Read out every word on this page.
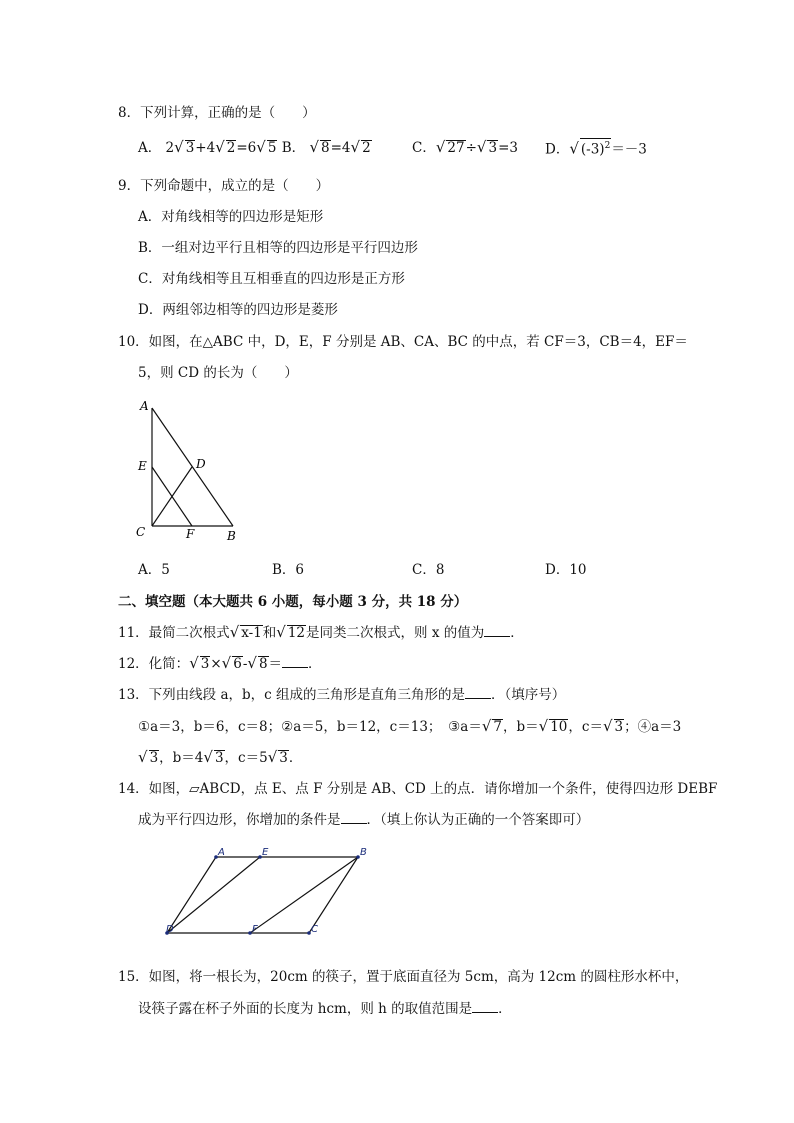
8．下列计算，正确的是（　　）
A． 2√ 3+4√ 2=6√ 5 B． √ 8=4√ 2	C．√ 27÷√ 3=3 D．√ $(-3)^2=-3$
9．下列命题中，成立的是（　　）
A．对角线相等的四边形是矩形
B．一组对边平行且相等的四边形是平行四边形
C．对角线相等且互相垂直的四边形是正方形
D．两组邻边相等的四边形是菱形
10．如图，在△ABC 中，D，E，F 分别是 AB、CA、BC 的中点，若 CF＝3，CB＝4，EF＝
5，则 CD 的长为（　　）
A
E	D
C	F	B
A．5	B．6	C．8	D．10
二、填空题（本大题共 6 小题，每小题 3 分，共 18 分）
11．最简二次根式√ x-1和√ 12是同类二次根式，则 x 的值为 ．
12．化简：√ 3×√ 6-√ 8＝ ．
13．下列由线段 a，b，c 组成的三角形是直角三角形的是 ．（填序号）
①a＝3，b＝6，c＝8；②a＝5，b＝12，c＝13；　③a＝√ 7，b＝√ 10，c＝√ 3；④a＝3
√ 3，b＝4√ 3，c＝5√ 3．
14．如图，▱ABCD，点 E、点 F 分别是 AB、CD 上的点．请你增加一个条件，使得四边形 DEBF
成为平行四边形，你增加的条件是 ．（填上你认为正确的一个答案即可）
A	E	B
D	F	C
15．如图，将一根长为，20cm 的筷子，置于底面直径为 5cm，高为 12cm 的圆柱形水杯中，
设筷子露在杯子外面的长度为 hcm，则 h 的取值范围是 ．
